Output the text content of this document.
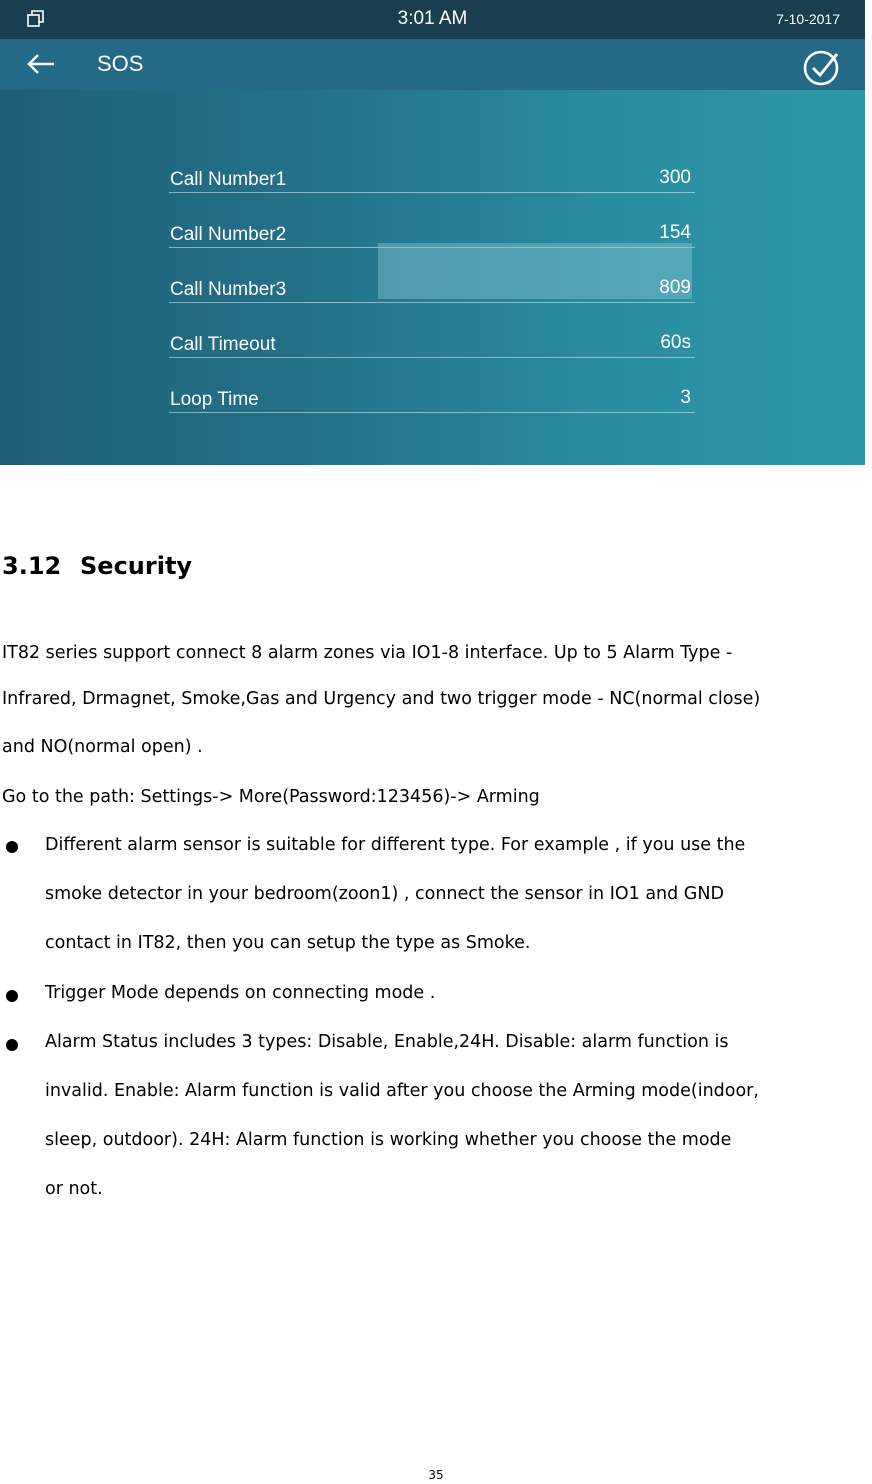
3:01 AM	7-10-2017
SOS
Call Number1	300
Call Number2	154
Call Number3	809
Call Timeout	60s
Loop Time	3
3.12 Security
IT82 series support connect 8 alarm zones via IO1-8 interface. Up to 5 Alarm Type -
Infrared, Drmagnet, Smoke,Gas and Urgency and two trigger mode - NC(normal close)
and NO(normal open) .
Go to the path: Settings-> More(Password:123456)-> Arming
Different alarm sensor is suitable for different type. For example , if you use the
smoke detector in your bedroom(zoon1) , connect the sensor in IO1 and GND
contact in IT82, then you can setup the type as Smoke.
Trigger Mode depends on connecting mode .
Alarm Status includes 3 types: Disable, Enable,24H. Disable: alarm function is
invalid. Enable: Alarm function is valid after you choose the Arming mode(indoor,
sleep, outdoor). 24H: Alarm function is working whether you choose the mode
or not.
35
